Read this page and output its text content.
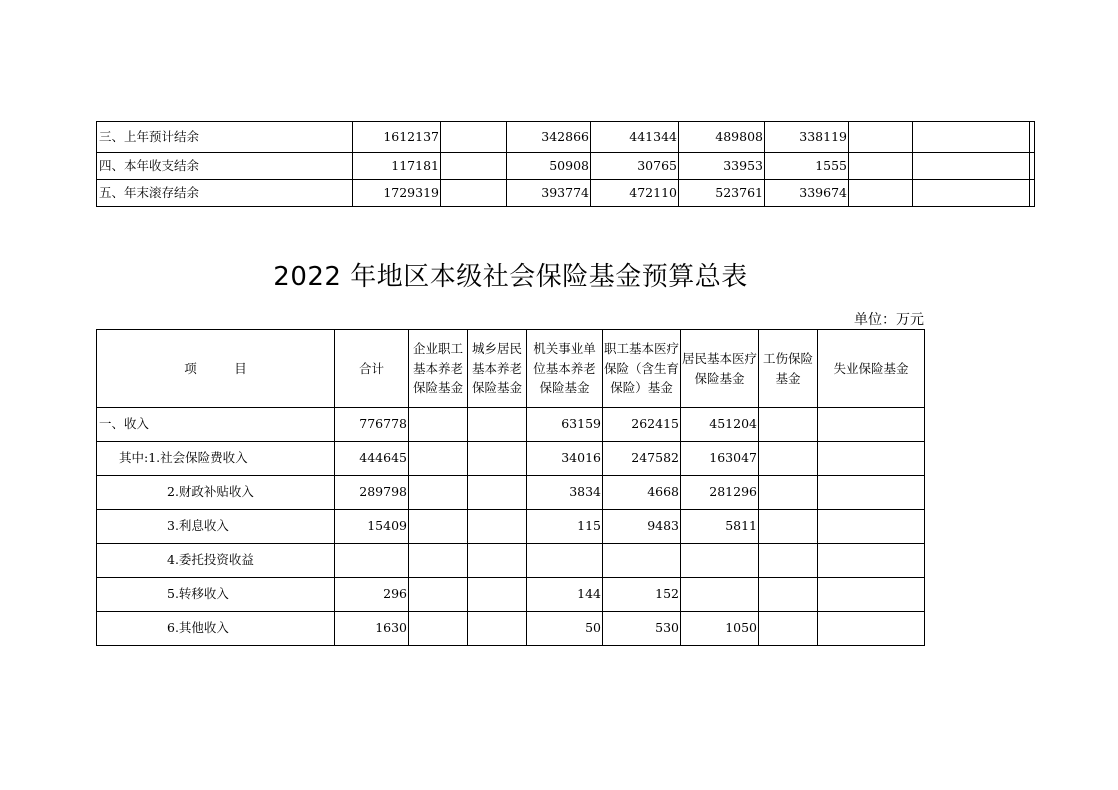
三、上年预计结余	1612137		342866	441344	489808	338119			
四、本年收支结余	117181		50908	30765	33953	1555			
五、年末滚存结余	1729319		393774	472110	523761	339674			
2022 年地区本级社会保险基金预算总表
单位：万元
项　　　目	合计	企业职工基本养老保险基金	城乡居民基本养老保险基金	机关事业单位基本养老保险基金	职工基本医疗保险（含生育保险）基金	居民基本医疗保险基金	工伤保险基金	失业保险基金
一、收入	776778			63159	262415	451204		
其中:1.社会保险费收入	444645			34016	247582	163047		
2.财政补贴收入	289798			3834	4668	281296		
3.利息收入	15409			115	9483	5811		
4.委托投资收益								
5.转移收入	296			144	152			
6.其他收入	1630			50	530	1050		
